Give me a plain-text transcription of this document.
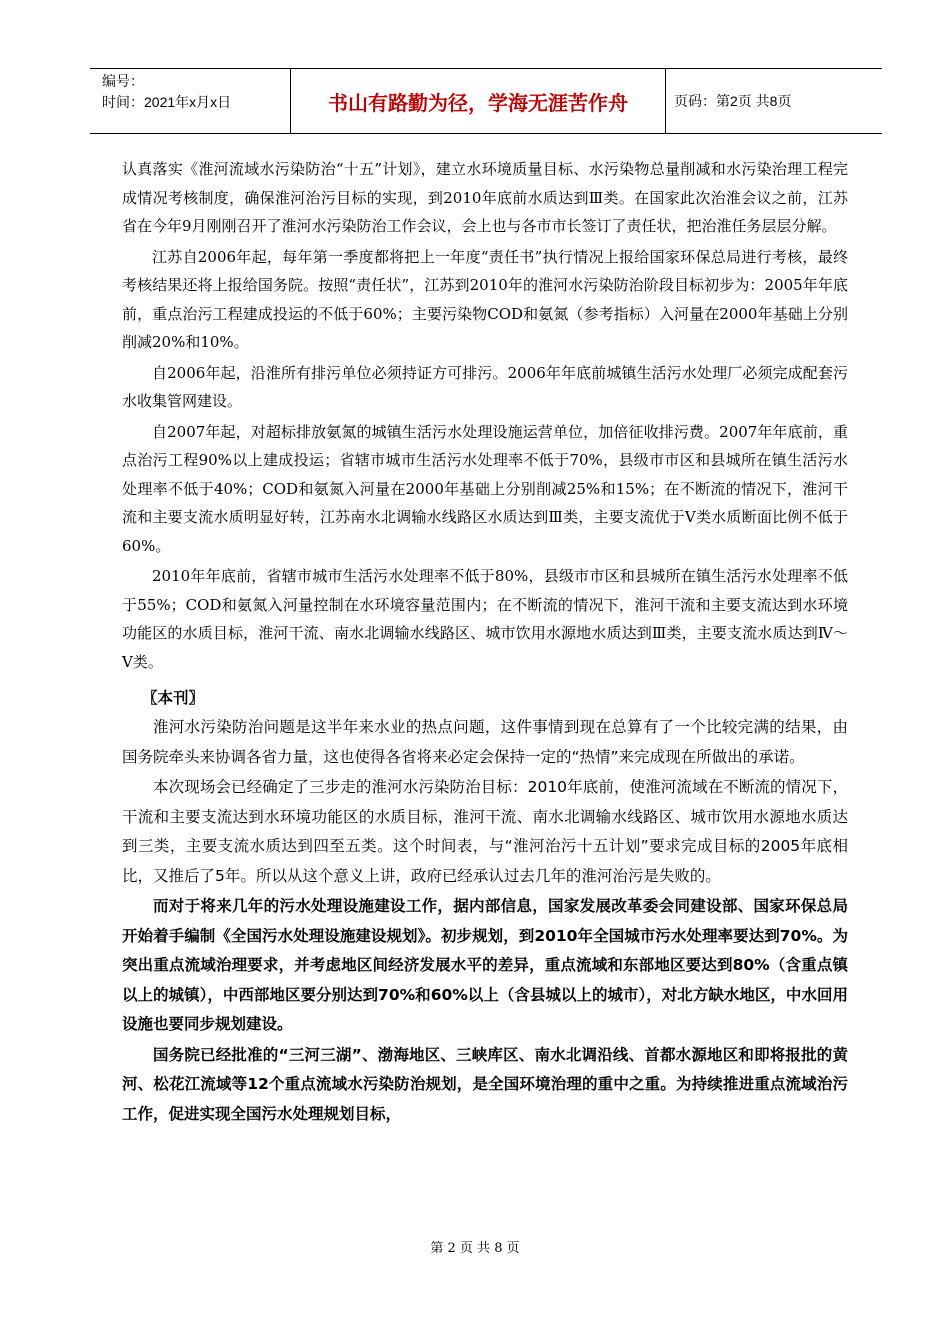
编号：
时间：2021年x月x日	书山有路勤为径，学海无涯苦作舟	页码：第2页 共8页

认真落实《淮河流域水污染防治“十五”计划》，建立水环境质量目标、水污染物总量削减和水污染治理工程完成情况考核制度，确保淮河治污目标的实现，到2010年底前水质达到Ⅲ类。在国家此次治淮会议之前，江苏省在今年9月刚刚召开了淮河水污染防治工作会议，会上也与各市市长签订了责任状，把治淮任务层层分解。

江苏自2006年起，每年第一季度都将把上一年度“责任书”执行情况上报给国家环保总局进行考核，最终考核结果还将上报给国务院。按照“责任状”，江苏到2010年的淮河水污染防治阶段目标初步为：2005年年底前，重点治污工程建成投运的不低于60%；主要污染物COD和氨氮（参考指标）入河量在2000年基础上分别削减20%和10%。

自2006年起，沿淮所有排污单位必须持证方可排污。2006年年底前城镇生活污水处理厂必须完成配套污水收集管网建设。

自2007年起，对超标排放氨氮的城镇生活污水处理设施运营单位，加倍征收排污费。2007年年底前，重点治污工程90%以上建成投运；省辖市城市生活污水处理率不低于70%，县级市市区和县城所在镇生活污水处理率不低于40%；COD和氨氮入河量在2000年基础上分别削减25%和15%；在不断流的情况下，淮河干流和主要支流水质明显好转，江苏南水北调输水线路区水质达到Ⅲ类，主要支流优于Ⅴ类水质断面比例不低于60%。

2010年年底前，省辖市城市生活污水处理率不低于80%，县级市市区和县城所在镇生活污水处理率不低于55%；COD和氨氮入河量控制在水环境容量范围内；在不断流的情况下，淮河干流和主要支流达到水环境功能区的水质目标，淮河干流、南水北调输水线路区、城市饮用水源地水质达到Ⅲ类，主要支流水质达到Ⅳ～Ⅴ类。

〖本刊〗

淮河水污染防治问题是这半年来水业的热点问题，这件事情到现在总算有了一个比较完满的结果，由国务院牵头来协调各省力量，这也使得各省将来必定会保持一定的“热情”来完成现在所做出的承诺。

本次现场会已经确定了三步走的淮河水污染防治目标：2010年底前，使淮河流域在不断流的情况下，干流和主要支流达到水环境功能区的水质目标，淮河干流、南水北调输水线路区、城市饮用水源地水质达到三类，主要支流水质达到四至五类。这个时间表，与“淮河治污十五计划”要求完成目标的2005年底相比，又推后了5年。所以从这个意义上讲，政府已经承认过去几年的淮河治污是失败的。

而对于将来几年的污水处理设施建设工作，据内部信息，国家发展改革委会同建设部、国家环保总局开始着手编制《全国污水处理设施建设规划》。初步规划，到2010年全国城市污水处理率要达到70%。为突出重点流域治理要求，并考虑地区间经济发展水平的差异，重点流域和东部地区要达到80%（含重点镇以上的城镇），中西部地区要分别达到70%和60%以上（含县城以上的城市），对北方缺水地区，中水回用设施也要同步规划建设。

国务院已经批准的“三河三湖”、渤海地区、三峡库区、南水北调沿线、首都水源地区和即将报批的黄河、松花江流域等12个重点流域水污染防治规划，是全国环境治理的重中之重。为持续推进重点流域治污工作，促进实现全国污水处理规划目标，

第 2 页 共 8 页
